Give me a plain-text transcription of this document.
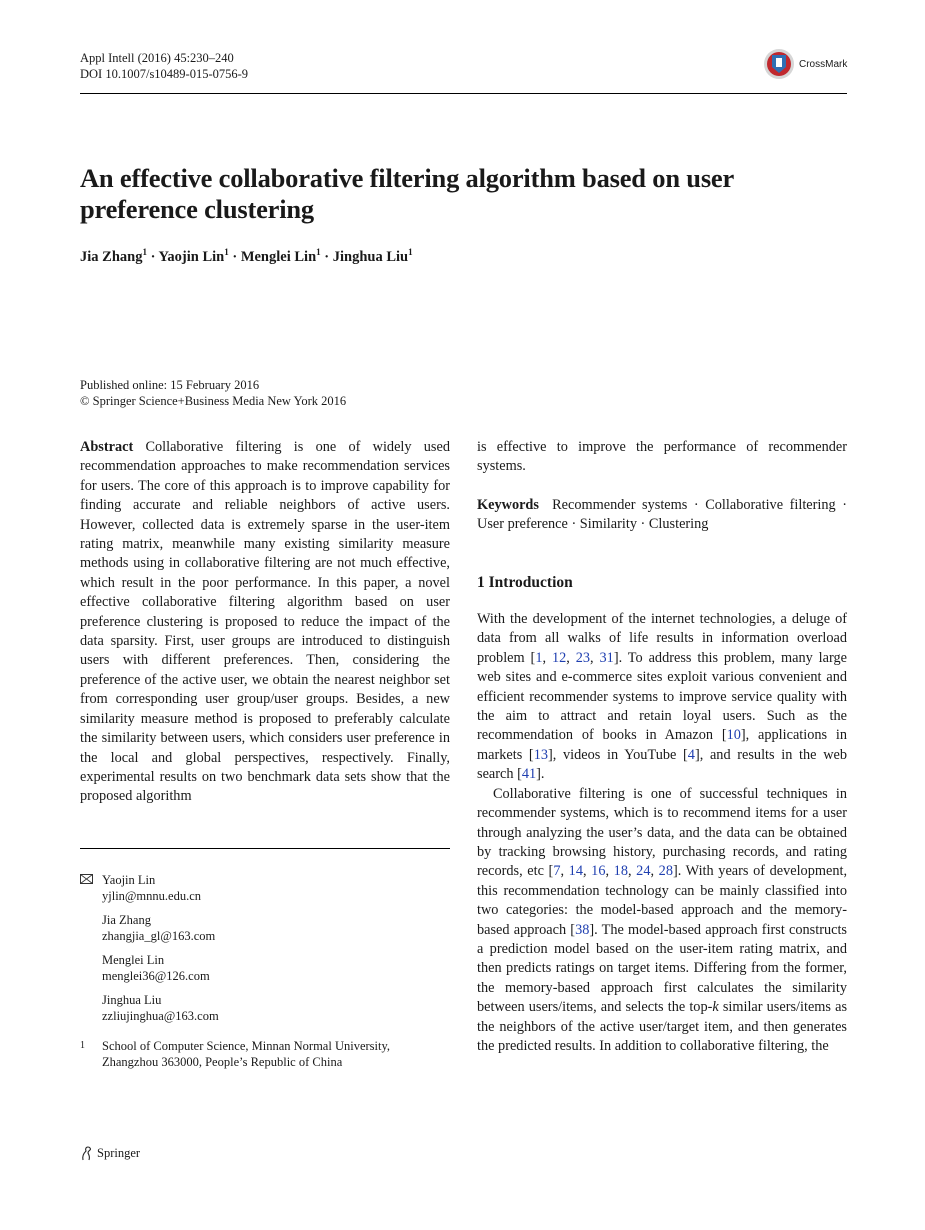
Appl Intell (2016) 45:230–240
DOI 10.1007/s10489-015-0756-9
CrossMark
An effective collaborative filtering algorithm based on user preference clustering
Jia Zhang$^1$ · Yaojin Lin$^1$ · Menglei Lin$^1$ · Jinghua Liu$^1$
Published online: 15 February 2016
© Springer Science+Business Media New York 2016

Abstract Collaborative filtering is one of widely used recommendation approaches to make recommendation services for users. The core of this approach is to improve capability for finding accurate and reliable neighbors of active users. However, collected data is extremely sparse in the user-item rating matrix, meanwhile many existing similarity measure methods using in collaborative filtering are not much effective, which result in the poor performance. In this paper, a novel effective collaborative filtering algorithm based on user preference clustering is proposed to reduce the impact of the data sparsity. First, user groups are introduced to distinguish users with different preferences. Then, considering the preference of the active user, we obtain the nearest neighbor set from corresponding user group/user groups. Besides, a new similarity measure method is proposed to preferably calculate the similarity between users, which considers user preference in the local and global perspectives, respectively. Finally, experimental results on two benchmark data sets show that the proposed algorithm

is effective to improve the performance of recommender systems.

Keywords Recommender systems · Collaborative filtering · User preference · Similarity · Clustering

1 Introduction

With the development of the internet technologies, a deluge of data from all walks of life results in information overload problem [1, 12, 23, 31]. To address this problem, many large web sites and e-commerce sites exploit various convenient and efficient recommender systems to improve service quality with the aim to attract and retain loyal users. Such as the recommendation of books in Amazon [10], applications in markets [13], videos in YouTube [4], and results in the web search [41].

Collaborative filtering is one of successful techniques in recommender systems, which is to recommend items for a user through analyzing the user’s data, and the data can be obtained by tracking browsing history, purchasing records, and rating records, etc [7, 14, 16, 18, 24, 28]. With years of development, this recommendation technology can be mainly classified into two categories: the model-based approach and the memory-based approach [38]. The model-based approach first constructs a prediction model based on the user-item rating matrix, and then predicts ratings on target items. Differing from the former, the memory-based approach first calculates the similarity between users/items, and selects the top-k similar users/items as the neighbors of the active user/target item, and then generates the predicted results. In addition to collaborative filtering, the

Yaojin Lin
yjlin@mnnu.edu.cn
Jia Zhang
zhangjia_gl@163.com
Menglei Lin
menglei36@126.com
Jinghua Liu
zzliujinghua@163.com
1	School of Computer Science, Minnan Normal University,
Zhangzhou 363000, People’s Republic of China
Springer
